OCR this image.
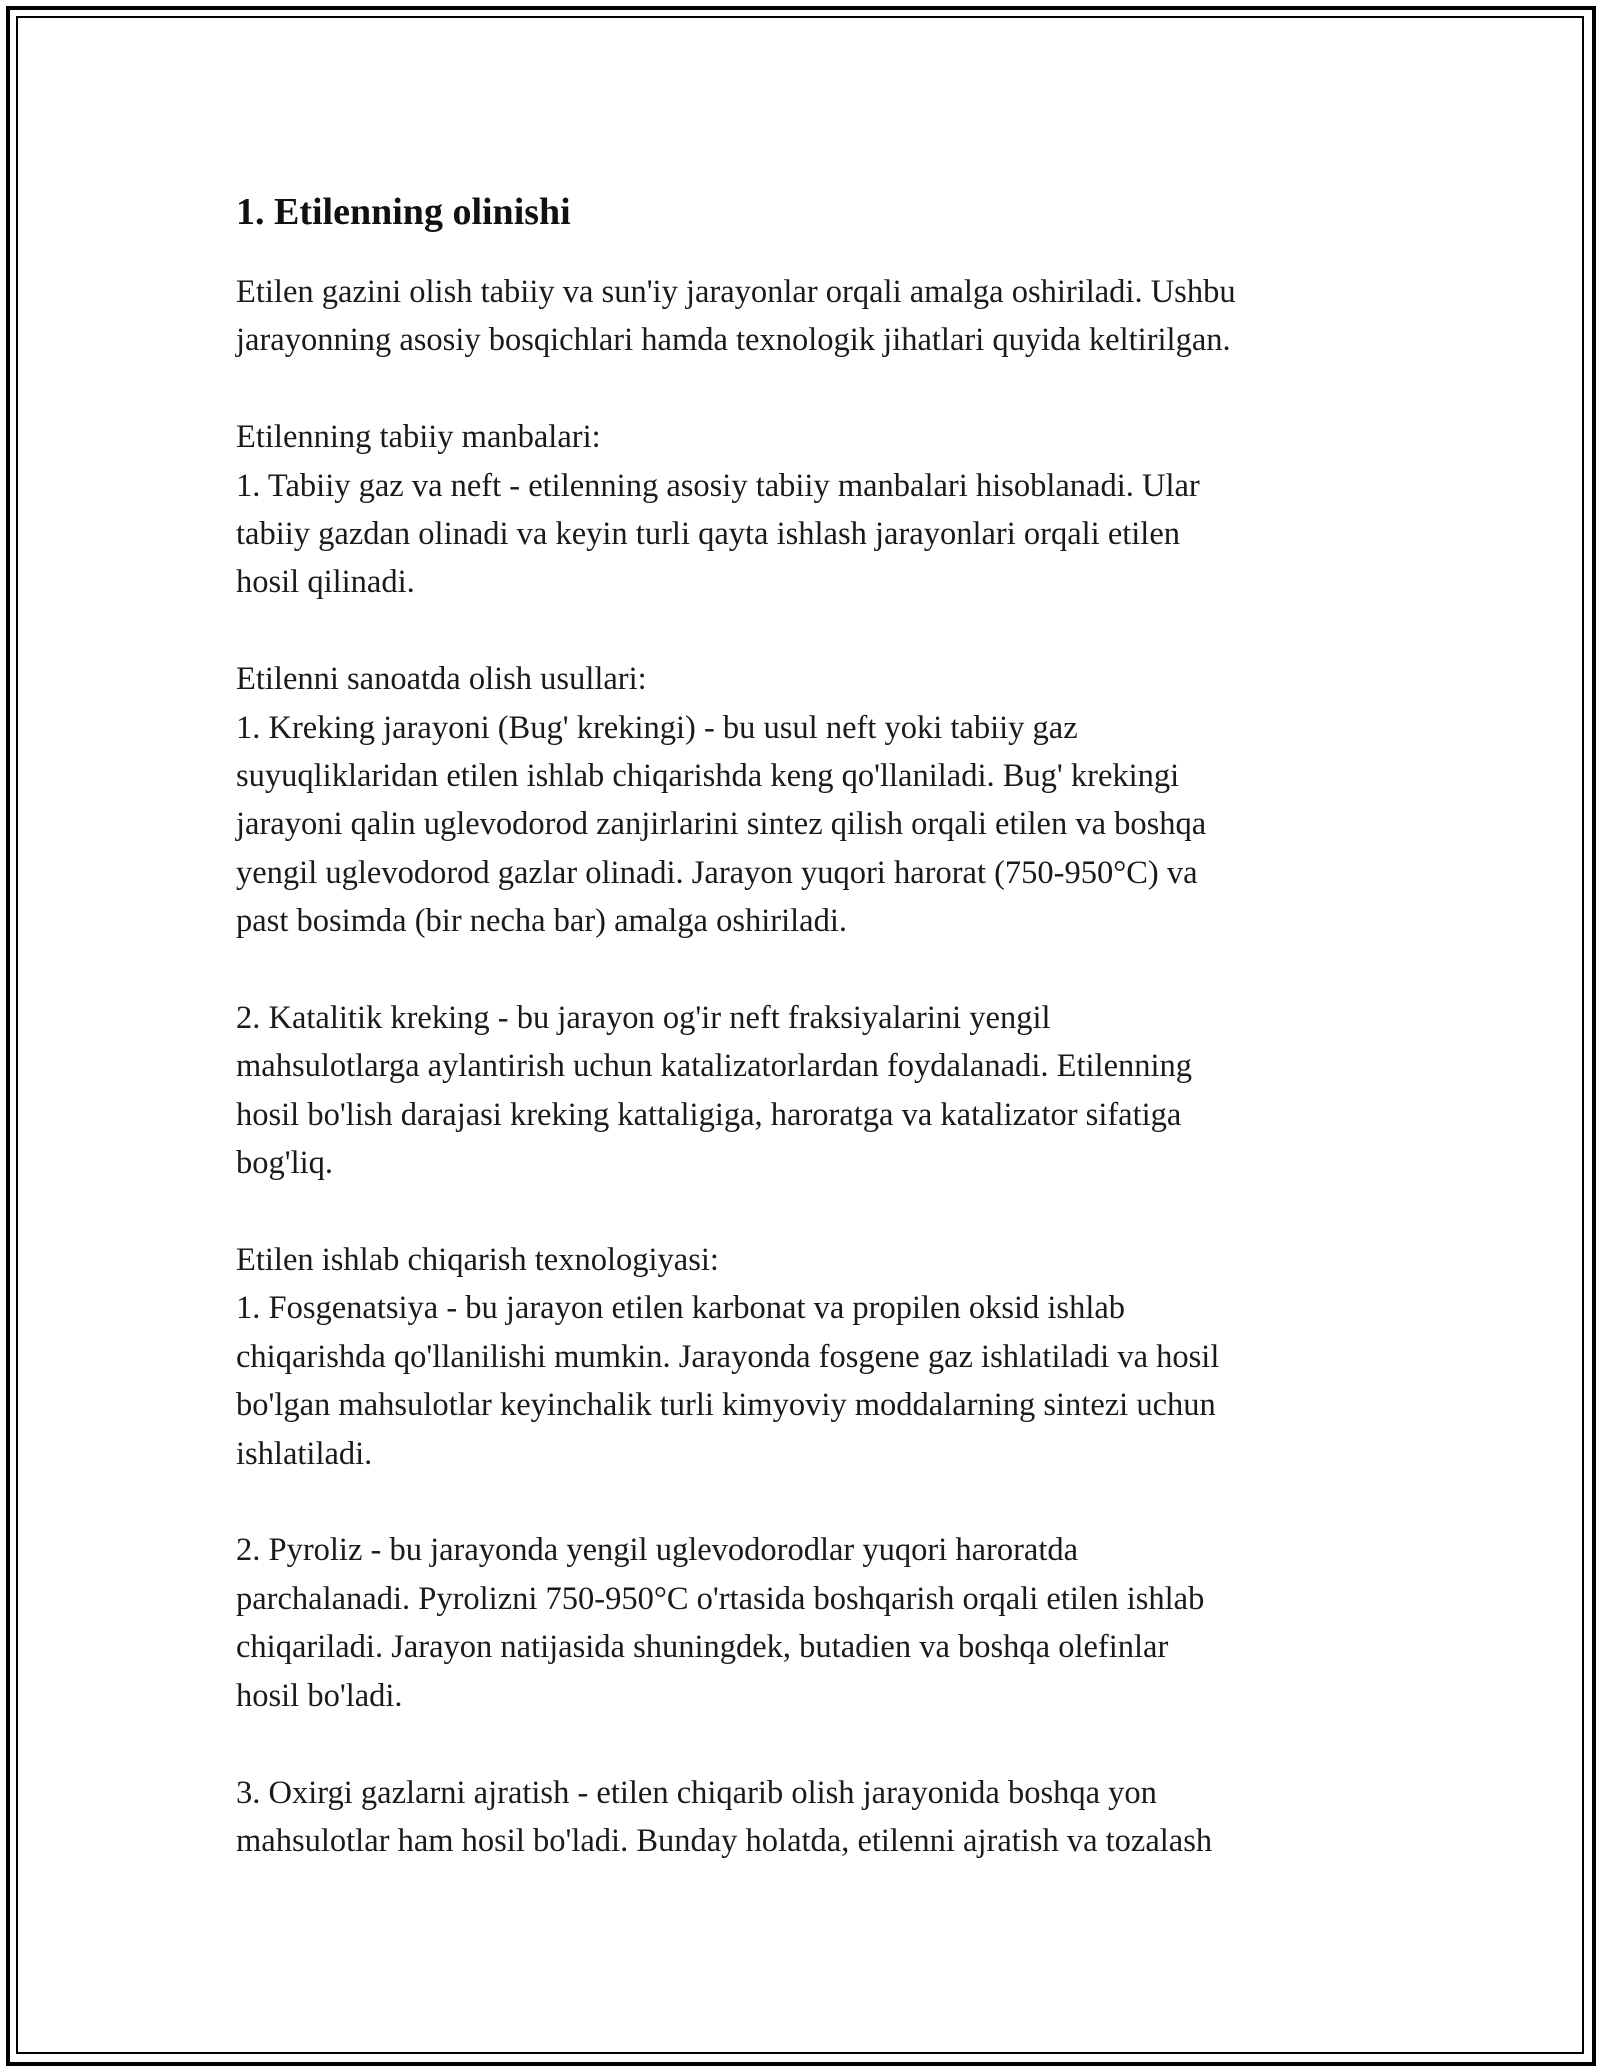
1. Etilenning olinishi
Etilen gazini olish tabiiy va sun'iy jarayonlar orqali amalga oshiriladi. Ushbu
jarayonning asosiy bosqichlari hamda texnologik jihatlari quyida keltirilgan.
Etilenning tabiiy manbalari:
1. Tabiiy gaz va neft - etilenning asosiy tabiiy manbalari hisoblanadi. Ular
tabiiy gazdan olinadi va keyin turli qayta ishlash jarayonlari orqali etilen
hosil qilinadi.
Etilenni sanoatda olish usullari:
1. Kreking jarayoni (Bug' krekingi) - bu usul neft yoki tabiiy gaz
suyuqliklaridan etilen ishlab chiqarishda keng qo'llaniladi. Bug' krekingi
jarayoni qalin uglevodorod zanjirlarini sintez qilish orqali etilen va boshqa
yengil uglevodorod gazlar olinadi. Jarayon yuqori harorat (750-950°C) va
past bosimda (bir necha bar) amalga oshiriladi.
2. Katalitik kreking - bu jarayon og'ir neft fraksiyalarini yengil
mahsulotlarga aylantirish uchun katalizatorlardan foydalanadi. Etilenning
hosil bo'lish darajasi kreking kattaligiga, haroratga va katalizator sifatiga
bog'liq.
Etilen ishlab chiqarish texnologiyasi:
1. Fosgenatsiya - bu jarayon etilen karbonat va propilen oksid ishlab
chiqarishda qo'llanilishi mumkin. Jarayonda fosgene gaz ishlatiladi va hosil
bo'lgan mahsulotlar keyinchalik turli kimyoviy moddalarning sintezi uchun
ishlatiladi.
2. Pyroliz - bu jarayonda yengil uglevodorodlar yuqori haroratda
parchalanadi. Pyrolizni 750-950°C o'rtasida boshqarish orqali etilen ishlab
chiqariladi. Jarayon natijasida shuningdek, butadien va boshqa olefinlar
hosil bo'ladi.
3. Oxirgi gazlarni ajratish - etilen chiqarib olish jarayonida boshqa yon
mahsulotlar ham hosil bo'ladi. Bunday holatda, etilenni ajratish va tozalash
